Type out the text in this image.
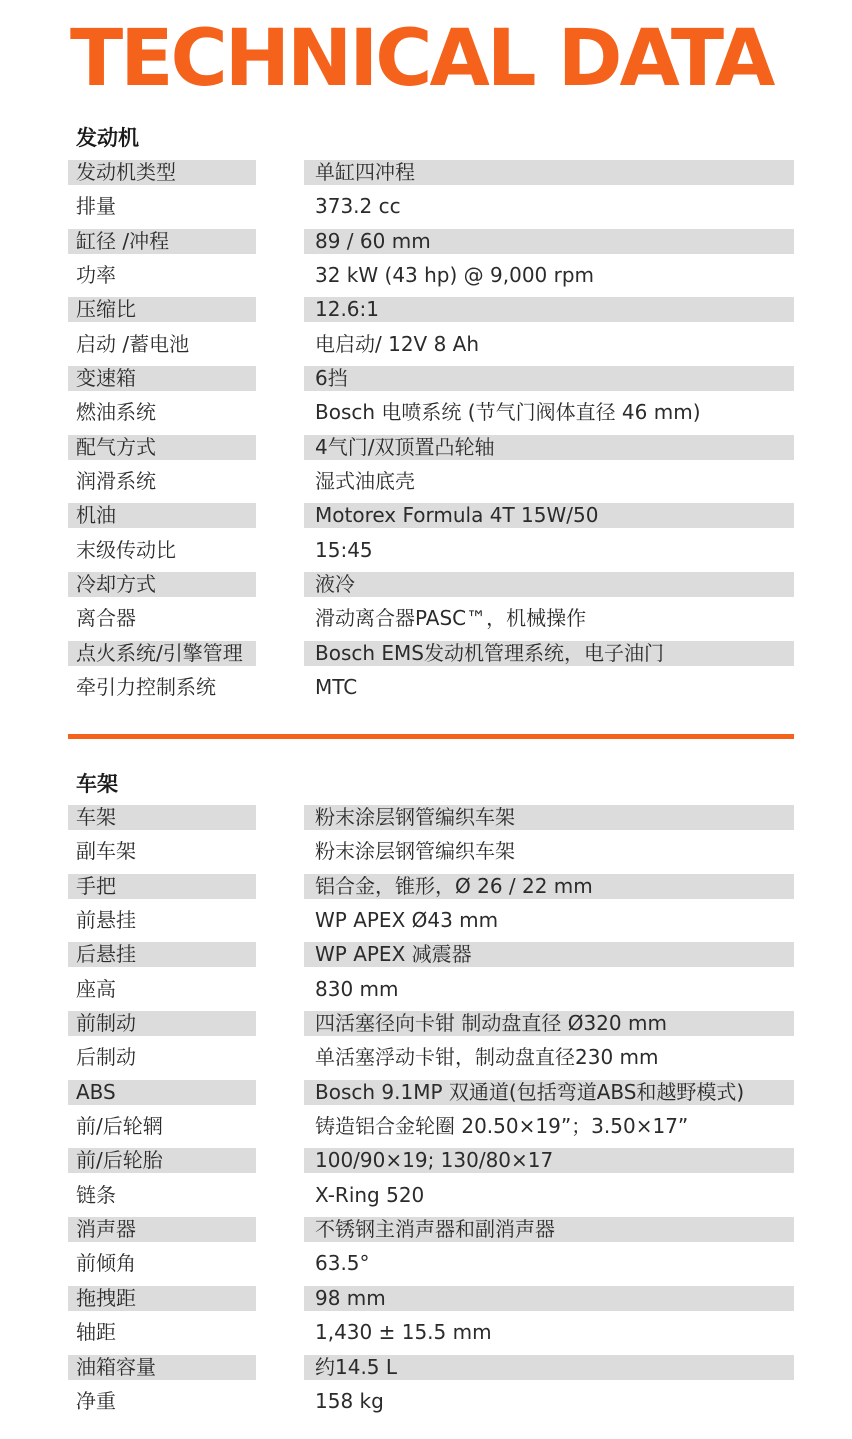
TECHNICAL DATA
发动机
发动机类型	单缸四冲程
排量	373.2 cc
缸径 /冲程	89 / 60 mm
功率	32 kW (43 hp) @ 9,000 rpm
压缩比	12.6:1
启动 /蓄电池	电启动/ 12V 8 Ah
变速箱	6挡
燃油系统	Bosch 电喷系统 (节气门阀体直径 46 mm)
配气方式	4气门/双顶置凸轮轴
润滑系统	湿式油底壳
机油	Motorex Formula 4T 15W/50
末级传动比	15:45
冷却方式	液冷
离合器	滑动离合器PASC™，机械操作
点火系统/引擎管理	Bosch EMS发动机管理系统，电子油门
牵引力控制系统	MTC
车架
车架	粉末涂层钢管编织车架
副车架	粉末涂层钢管编织车架
手把	铝合金，锥形，Ø 26 / 22 mm
前悬挂	WP APEX Ø43 mm
后悬挂	WP APEX 减震器
座高	830 mm
前制动	四活塞径向卡钳 制动盘直径 Ø320 mm
后制动	单活塞浮动卡钳，制动盘直径230 mm
ABS	Bosch 9.1MP 双通道(包括弯道ABS和越野模式)
前/后轮辋	铸造铝合金轮圈 20.50×19”；3.50×17”
前/后轮胎	100/90×19; 130/80×17
链条	X-Ring 520
消声器	不锈钢主消声器和副消声器
前倾角	63.5°
拖拽距	98 mm
轴距	1,430 ± 15.5 mm
油箱容量	约14.5 L
净重	158 kg
